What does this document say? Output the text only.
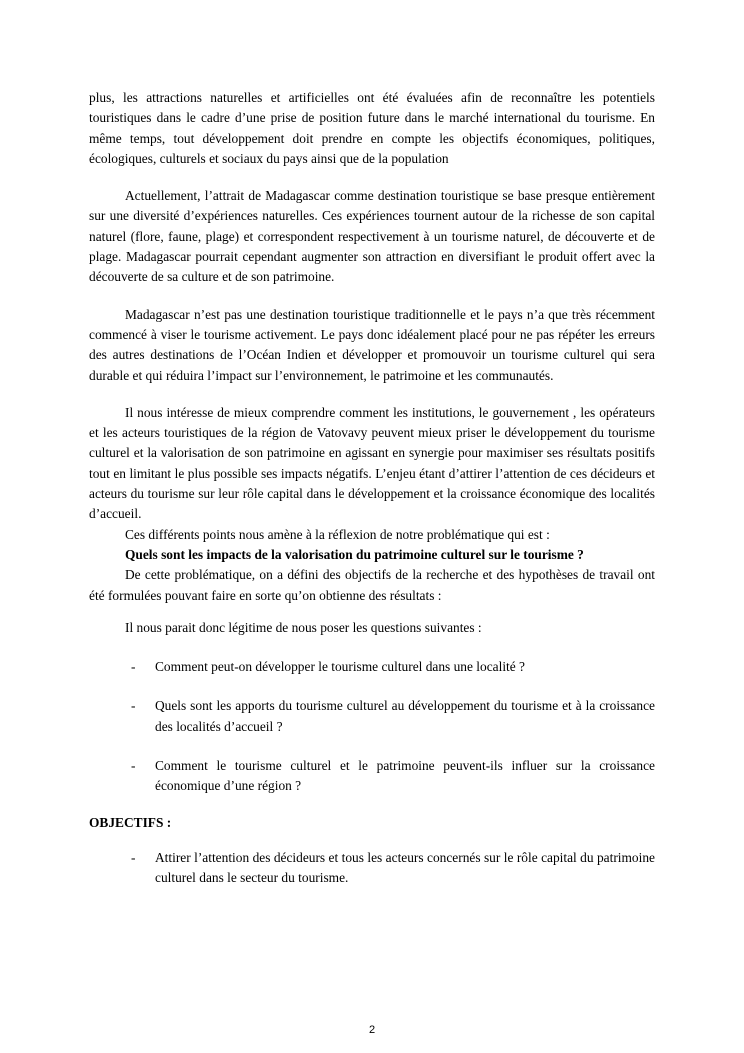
plus, les attractions naturelles et artificielles ont été évaluées afin de reconnaître les potentiels touristiques dans le cadre d’une prise de position future dans le marché international du tourisme. En même temps, tout développement doit prendre en compte les objectifs économiques, politiques, écologiques, culturels et sociaux du pays ainsi que de la population

Actuellement, l’attrait de Madagascar comme destination touristique se base presque entièrement sur une diversité d’expériences naturelles. Ces expériences tournent autour de la richesse de son capital naturel (flore, faune, plage) et correspondent respectivement à un tourisme naturel, de découverte et de plage. Madagascar pourrait cependant augmenter son attraction en diversifiant le produit offert avec la découverte de sa culture et de son patrimoine.

Madagascar n’est pas une destination touristique traditionnelle et le pays n’a que très récemment commencé à viser le tourisme activement. Le pays donc idéalement placé pour ne pas répéter les erreurs des autres destinations de l’Océan Indien et développer et promouvoir un tourisme culturel qui sera durable et qui réduira l’impact sur l’environnement, le patrimoine et les communautés.

Il nous intéresse de mieux comprendre comment les institutions, le gouvernement , les opérateurs et les acteurs touristiques de la région de Vatovavy peuvent mieux priser le développement du tourisme culturel et la valorisation de son patrimoine en agissant en synergie pour maximiser ses résultats positifs tout en limitant le plus possible ses impacts négatifs. L’enjeu étant d’attirer l’attention de ces décideurs et acteurs du tourisme sur leur rôle capital dans le développement et la croissance économique des localités d’accueil.

Ces différents points nous amène à la réflexion de notre problématique qui est :

Quels sont les impacts de la valorisation du patrimoine culturel sur le tourisme ?

De cette problématique, on a défini des objectifs de la recherche et des hypothèses de travail ont été formulées pouvant faire en sorte qu’on obtienne des résultats :

Il nous parait donc légitime de nous poser les questions suivantes :

- Comment peut-on développer le tourisme culturel dans une localité ?
- Quels sont les apports du tourisme culturel au développement du tourisme et à la croissance des localités d’accueil ?
- Comment le tourisme culturel et le patrimoine peuvent-ils influer sur la croissance économique d’une région ?

OBJECTIFS :

- Attirer l’attention des décideurs et tous les acteurs concernés sur le rôle capital du patrimoine culturel dans le secteur du tourisme.
2
